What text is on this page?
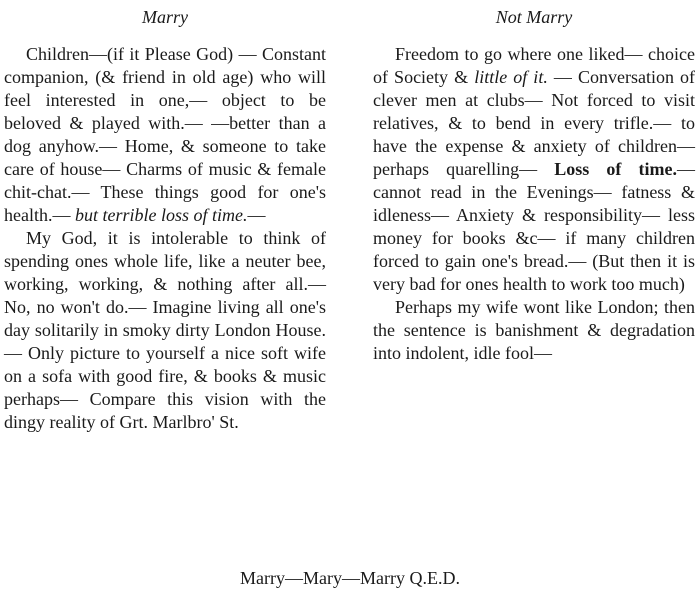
Marry

Children—(if it Please God) — Constant companion, (& friend in old age) who will feel interested in one,— object to be beloved & played with.— —better than a dog anyhow.— Home, & someone to take care of house— Charms of music & female chit-chat.— These things good for one's health.— but terrible loss of time.—

My God, it is intolerable to think of spending ones whole life, like a neuter bee, working, working, & nothing after all.— No, no won't do.— Imagine living all one's day solitarily in smoky dirty London House.— Only picture to yourself a nice soft wife on a sofa with good fire, & books & music perhaps— Compare this vision with the dingy reality of Grt. Marlbro' St.

Not Marry

Freedom to go where one liked— choice of Society & little of it. — Conversation of clever men at clubs— Not forced to visit relatives, & to bend in every trifle.— to have the expense & anxiety of children—perhaps quarelling— Loss of time.— cannot read in the Evenings— fatness & idleness— Anxiety & responsibility— less money for books &c— if many children forced to gain one's bread.— (But then it is very bad for ones health to work too much)

Perhaps my wife wont like London; then the sentence is banishment & degradation into indolent, idle fool—

Marry—Mary—Marry Q.E.D.
